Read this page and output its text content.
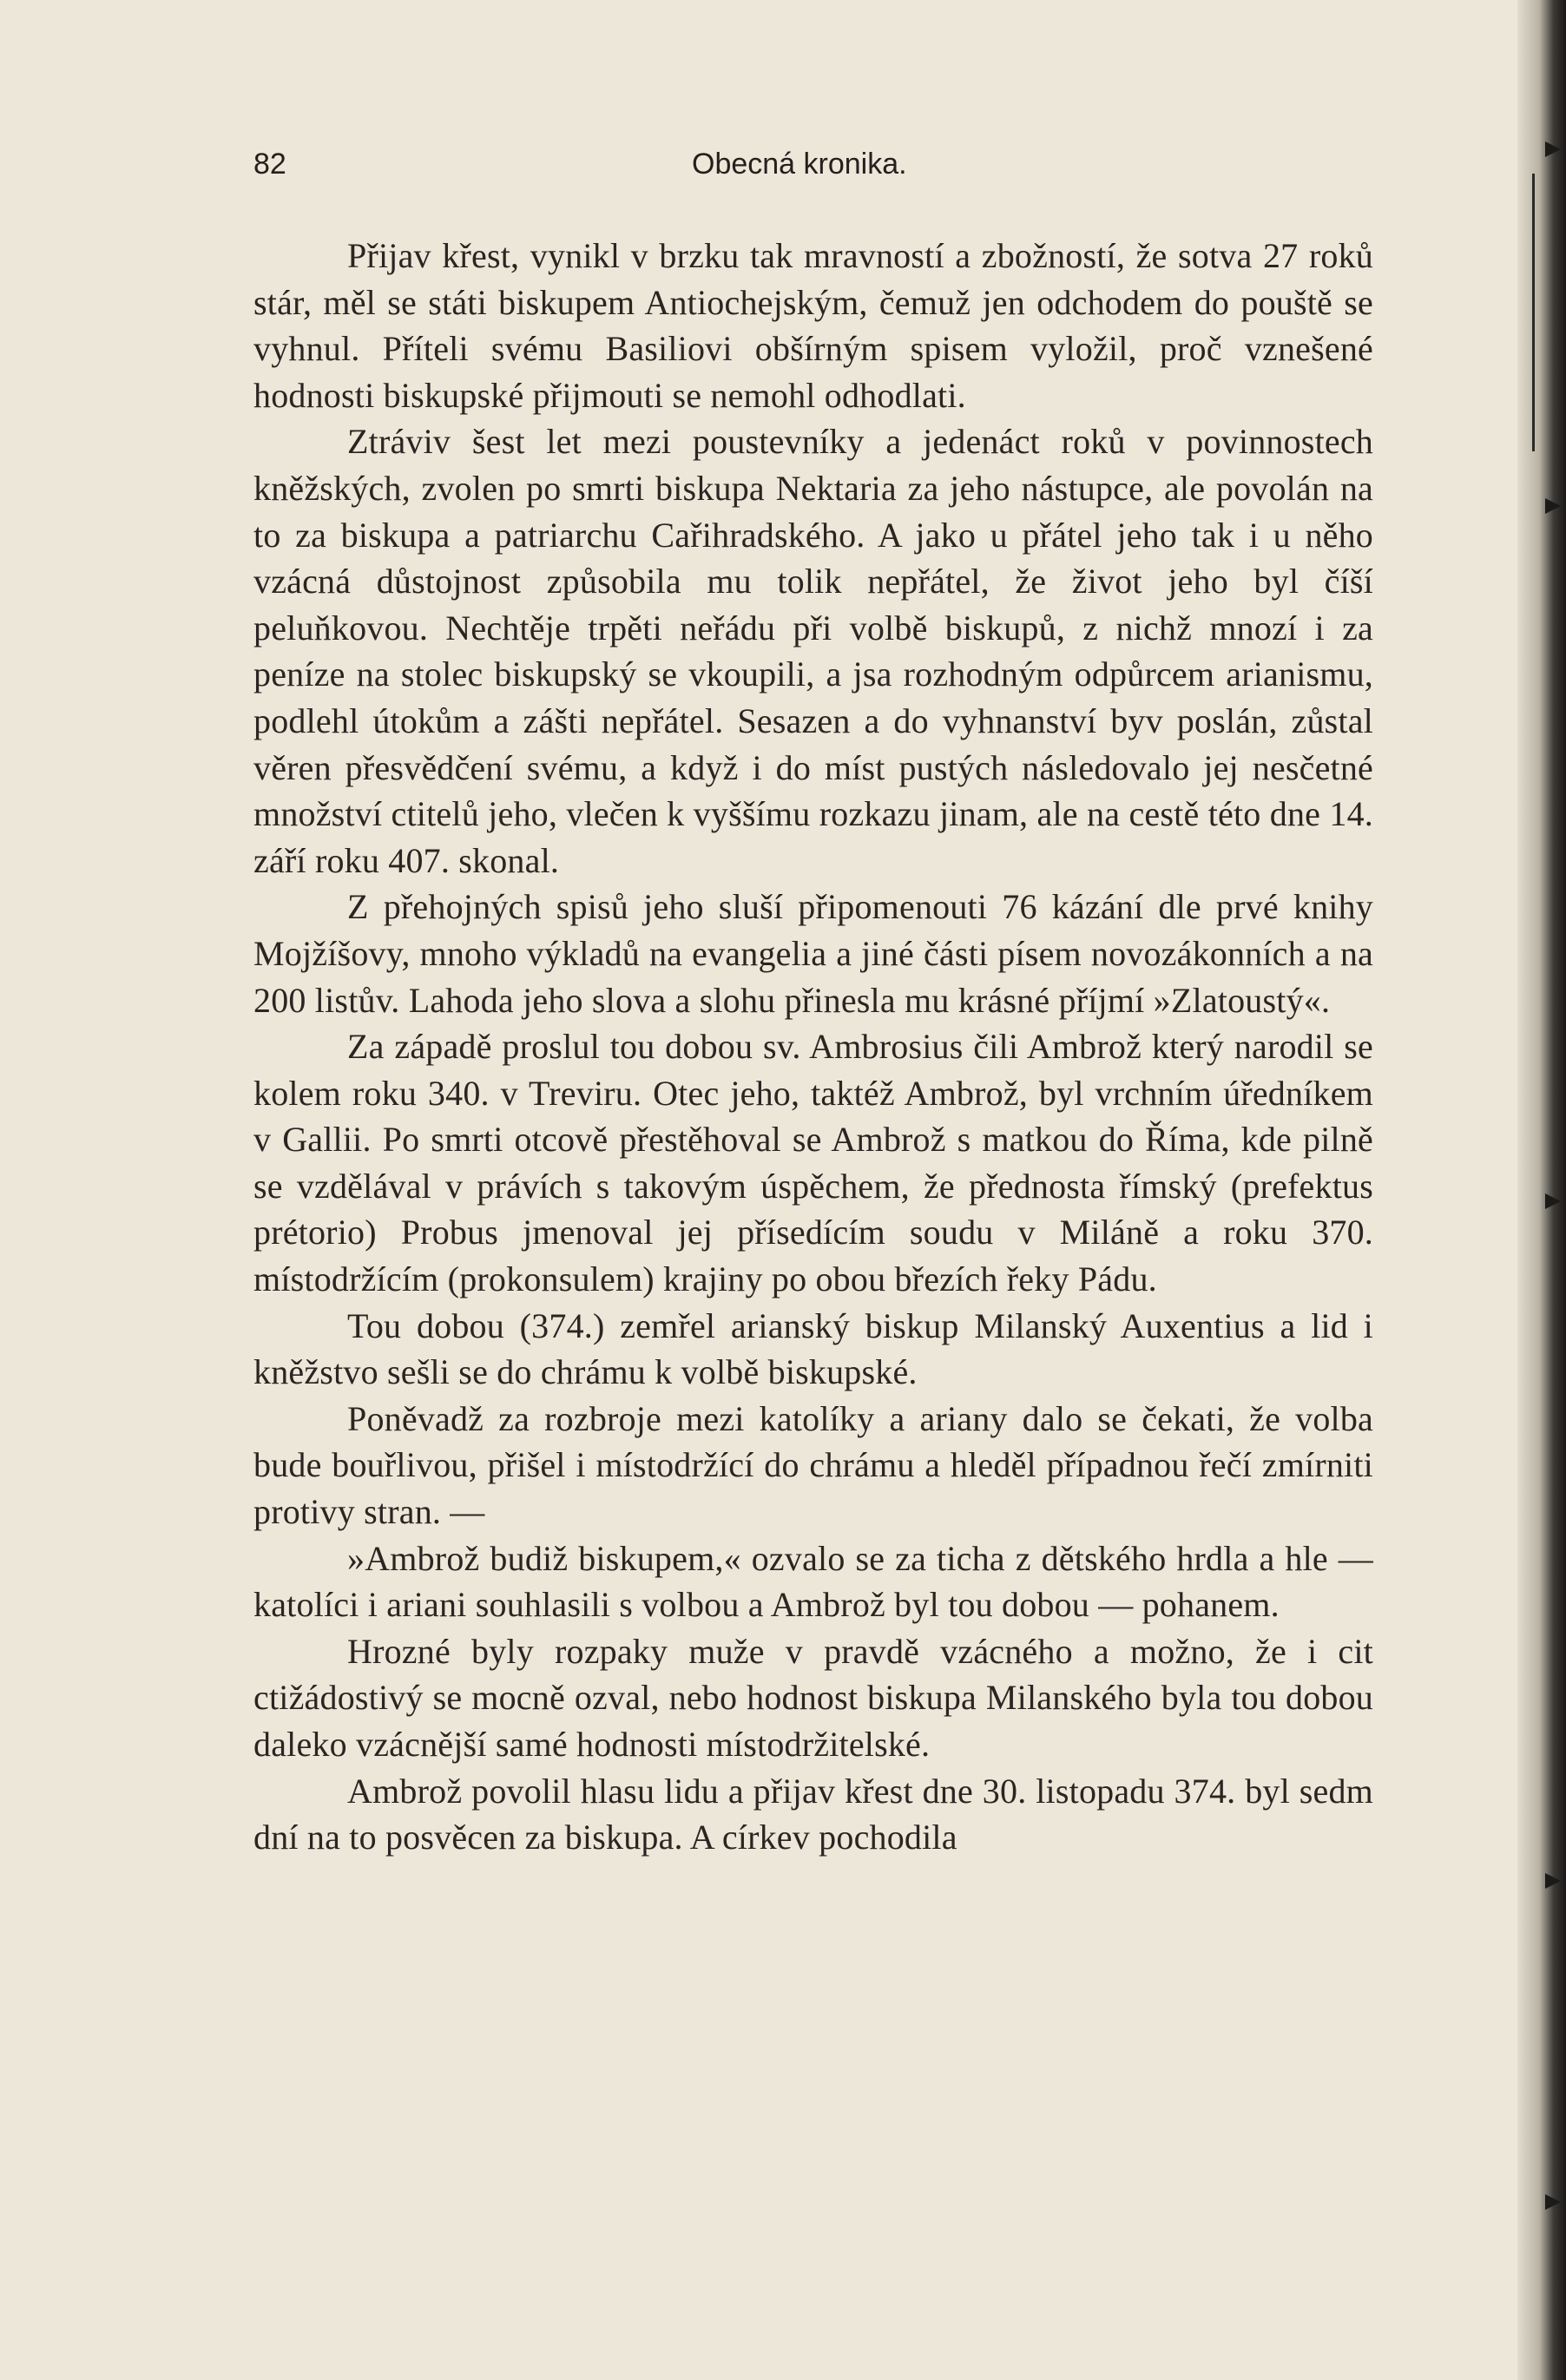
82	Obecná kronika.

Přijav křest, vynikl v brzku tak mravností a zbožností, že sotva 27 roků stár, měl se státi biskupem Antiochejským, čemuž jen odchodem do pouště se vyhnul. Příteli svému Basiliovi obšírným spisem vyložil, proč vznešené hodnosti biskupské přijmouti se nemohl odhodlati.

Ztráviv šest let mezi poustevníky a jedenáct roků v povinnostech kněžských, zvolen po smrti biskupa Nektaria za jeho nástupce, ale povolán na to za biskupa a patriarchu Cařihradského. A jako u přátel jeho tak i u něho vzácná důstojnost způsobila mu tolik nepřátel, že život jeho byl číší peluňkovou. Nechtěje trpěti neřádu při volbě biskupů, z nichž mnozí i za peníze na stolec biskupský se vkoupili, a jsa rozhodným odpůrcem arianismu, podlehl útokům a zášti nepřátel. Sesazen a do vyhnanství byv poslán, zůstal věren přesvědčení svému, a když i do míst pustých následovalo jej nesčetné množství ctitelů jeho, vlečen k vyššímu rozkazu jinam, ale na cestě této dne 14. září roku 407. skonal.

Z přehojných spisů jeho sluší připomenouti 76 kázání dle prvé knihy Mojžíšovy, mnoho výkladů na evangelia a jiné části písem novozákonních a na 200 listův. Lahoda jeho slova a slohu přinesla mu krásné příjmí »Zlatoustý«.

Za západě proslul tou dobou sv. Ambrosius čili Ambrož který narodil se kolem roku 340. v Treviru. Otec jeho, taktéž Ambrož, byl vrchním úředníkem v Gallii. Po smrti otcově přestěhoval se Ambrož s matkou do Říma, kde pilně se vzdělával v právích s takovým úspěchem, že přednosta římský (prefektus prétorio) Probus jmenoval jej přísedícím soudu v Miláně a roku 370. místodržícím (prokonsulem) krajiny po obou březích řeky Pádu.

Tou dobou (374.) zemřel arianský biskup Milanský Auxentius a lid i kněžstvo sešli se do chrámu k volbě biskupské.

Poněvadž za rozbroje mezi katolíky a ariany dalo se čekati, že volba bude bouřlivou, přišel i místodržící do chrámu a hleděl případnou řečí zmírniti protivy stran. —

»Ambrož budiž biskupem,« ozvalo se za ticha z dětského hrdla a hle — katolíci i ariani souhlasili s volbou a Ambrož byl tou dobou — pohanem.

Hrozné byly rozpaky muže v pravdě vzácného a možno, že i cit ctižádostivý se mocně ozval, nebo hodnost biskupa Milanského byla tou dobou daleko vzácnější samé hodnosti místodržitelské.

Ambrož povolil hlasu lidu a přijav křest dne 30. listopadu 374. byl sedm dní na to posvěcen za biskupa. A církev pochodila
